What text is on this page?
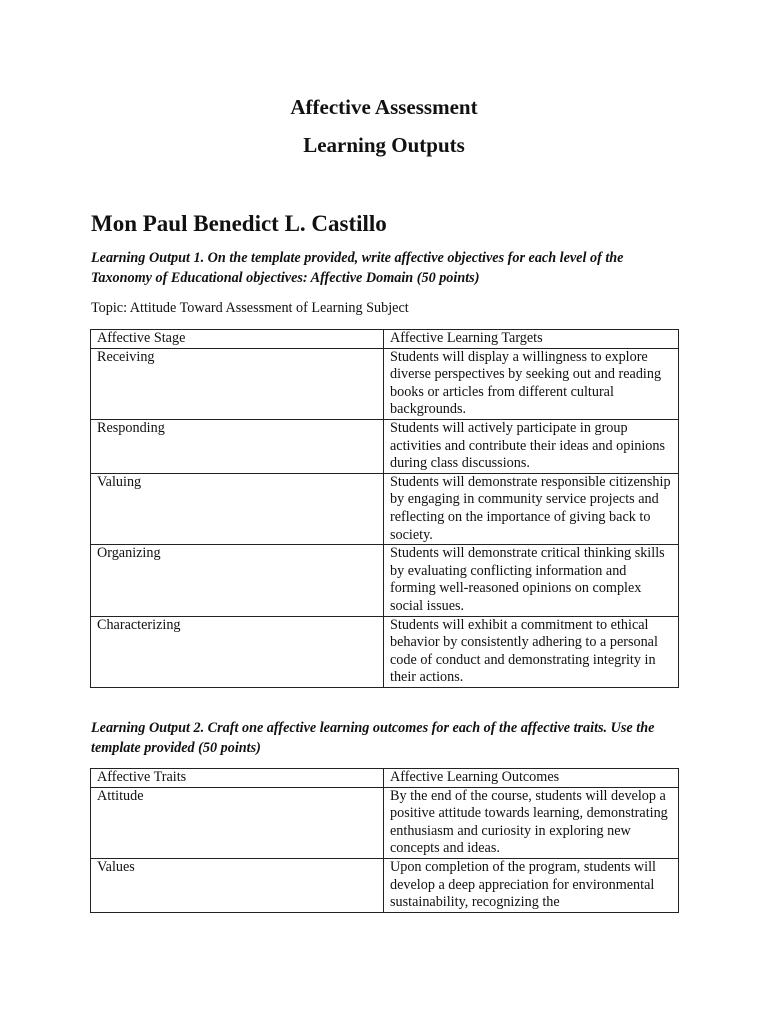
Affective Assessment
Learning Outputs
Mon Paul Benedict L. Castillo
Learning Output 1. On the template provided, write affective objectives for each level of the Taxonomy of Educational objectives: Affective Domain (50 points)
Topic: Attitude Toward Assessment of Learning Subject
Affective Stage	Affective Learning Targets
Receiving	Students will display a willingness to explore diverse perspectives by seeking out and reading books or articles from different cultural backgrounds.
Responding	Students will actively participate in group activities and contribute their ideas and opinions during class discussions.
Valuing	Students will demonstrate responsible citizenship by engaging in community service projects and reflecting on the importance of giving back to society.
Organizing	Students will demonstrate critical thinking skills by evaluating conflicting information and forming well-reasoned opinions on complex social issues.
Characterizing	Students will exhibit a commitment to ethical behavior by consistently adhering to a personal code of conduct and demonstrating integrity in their actions.
Learning Output 2. Craft one affective learning outcomes for each of the affective traits. Use the template provided (50 points)
Affective Traits	Affective Learning Outcomes
Attitude	By the end of the course, students will develop a positive attitude towards learning, demonstrating enthusiasm and curiosity in exploring new concepts and ideas.
Values	Upon completion of the program, students will develop a deep appreciation for environmental sustainability, recognizing the
